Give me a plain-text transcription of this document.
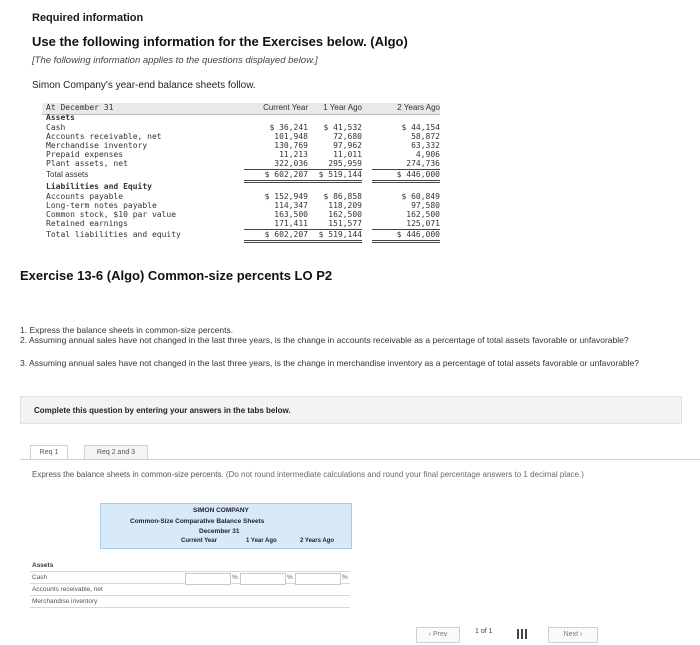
Required information
Use the following information for the Exercises below. (Algo)
[The following information applies to the questions displayed below.]
Simon Company's year-end balance sheets follow.
At December 31	Current Year	1 Year Ago	2 Years Ago
Assets
Cash	$ 36,241	$ 41,532	$ 44,154
Accounts receivable, net	101,948	72,680	58,872
Merchandise inventory	130,769	97,962	63,332
Prepaid expenses	11,213	11,011	4,906
Plant assets, net	322,036	295,959	274,736
Total assets	$ 602,207	$ 519,144	$ 446,000
Liabilities and Equity
Accounts payable	$ 152,949	$ 86,858	$ 60,849
Long-term notes payable	114,347	118,209	97,580
Common stock, $10 par value	163,500	162,500	162,500
Retained earnings	171,411	151,577	125,071
Total liabilities and equity	$ 602,207	$ 519,144	$ 446,000
Exercise 13-6 (Algo) Common-size percents LO P2
1. Express the balance sheets in common-size percents.
2. Assuming annual sales have not changed in the last three years, is the change in accounts receivable as a percentage of total assets favorable or unfavorable?
3. Assuming annual sales have not changed in the last three years, is the change in merchandise inventory as a percentage of total assets favorable or unfavorable?
Complete this question by entering your answers in the tabs below.
Req 1	Req 2 and 3
Express the balance sheets in common-size percents. (Do not round intermediate calculations and round your final percentage answers to 1 decimal place.)
SIMON COMPANY
Common-Size Comparative Balance Sheets
December 31
Current Year	1 Year Ago	2 Years Ago
Assets
Cash	%	%	%
Accounts receivable, net
Merchandise inventory
‹ Prev	1 of 1	Next ›
